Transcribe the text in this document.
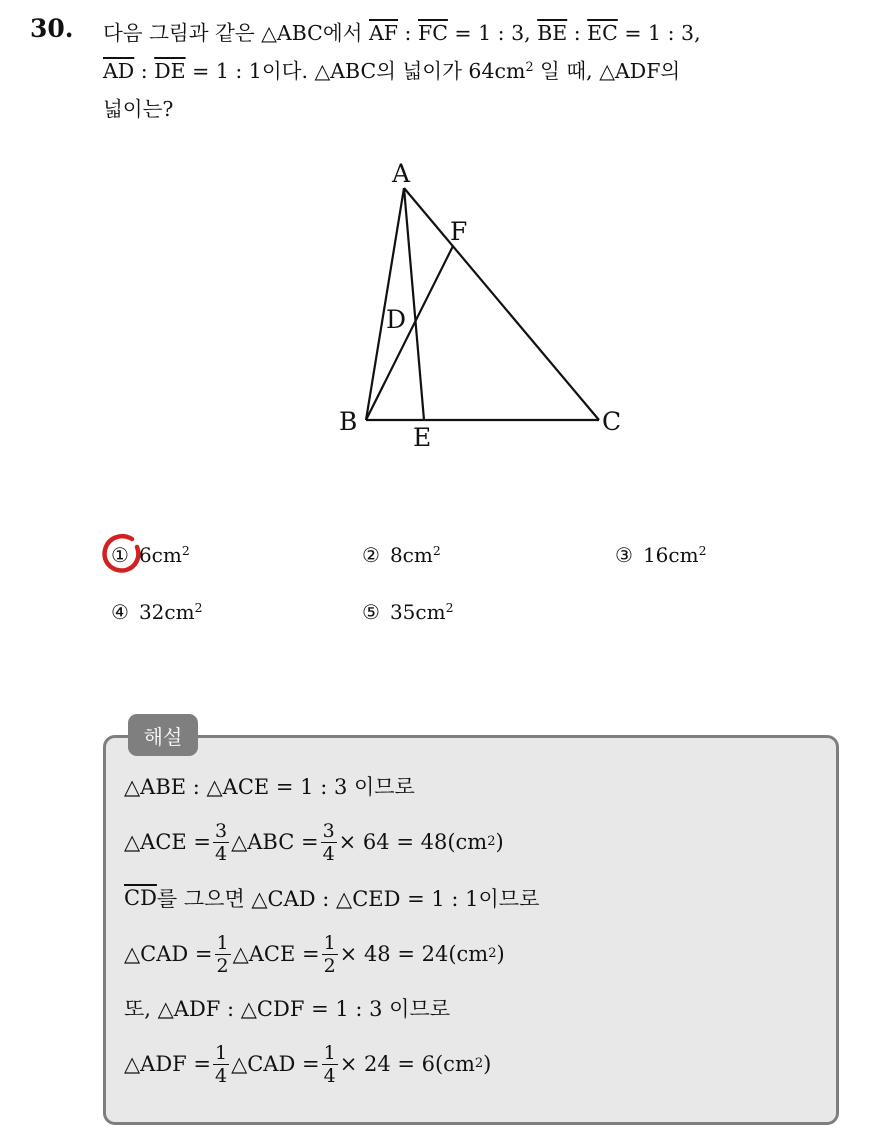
30. 다음 그림과 같은 △ABC에서 $\overline{AF}$ : $\overline{FC} = 1$ : 3, $\overline{BE}$ : $\overline{EC} = 1$ : 3,
$\overline{AD}$ : $\overline{DE} = 1$ : 1이다. △ABC의 넓이가 $64cm^2$ 일 때, △ADF의
넓이는?
A
F
D
B	C
E
① $6cm^2$	② $8cm^2$	③ $16cm^2$
④ $32cm^2$	⑤ $35cm^2$
해설
△ABE : △ACE = 1 : 3 이므로
△ACE = $\frac{3}{4}$ △ABC = $\frac{3}{4} \times 64 = 48(cm$ 2 )
$\overline{CD}$ 를 그으면 △CAD : △CED = 1 : 1이므로
△CAD = $\frac{1}{2}$ △ACE = $\frac{1}{2} \times 48 = 24(cm$ 2 )
또, △ADF : △CDF = 1 : 3 이므로
△ADF = $\frac{1}{4}$ △CAD = $\frac{1}{4} \times 24 = 6(cm$ 2 )
